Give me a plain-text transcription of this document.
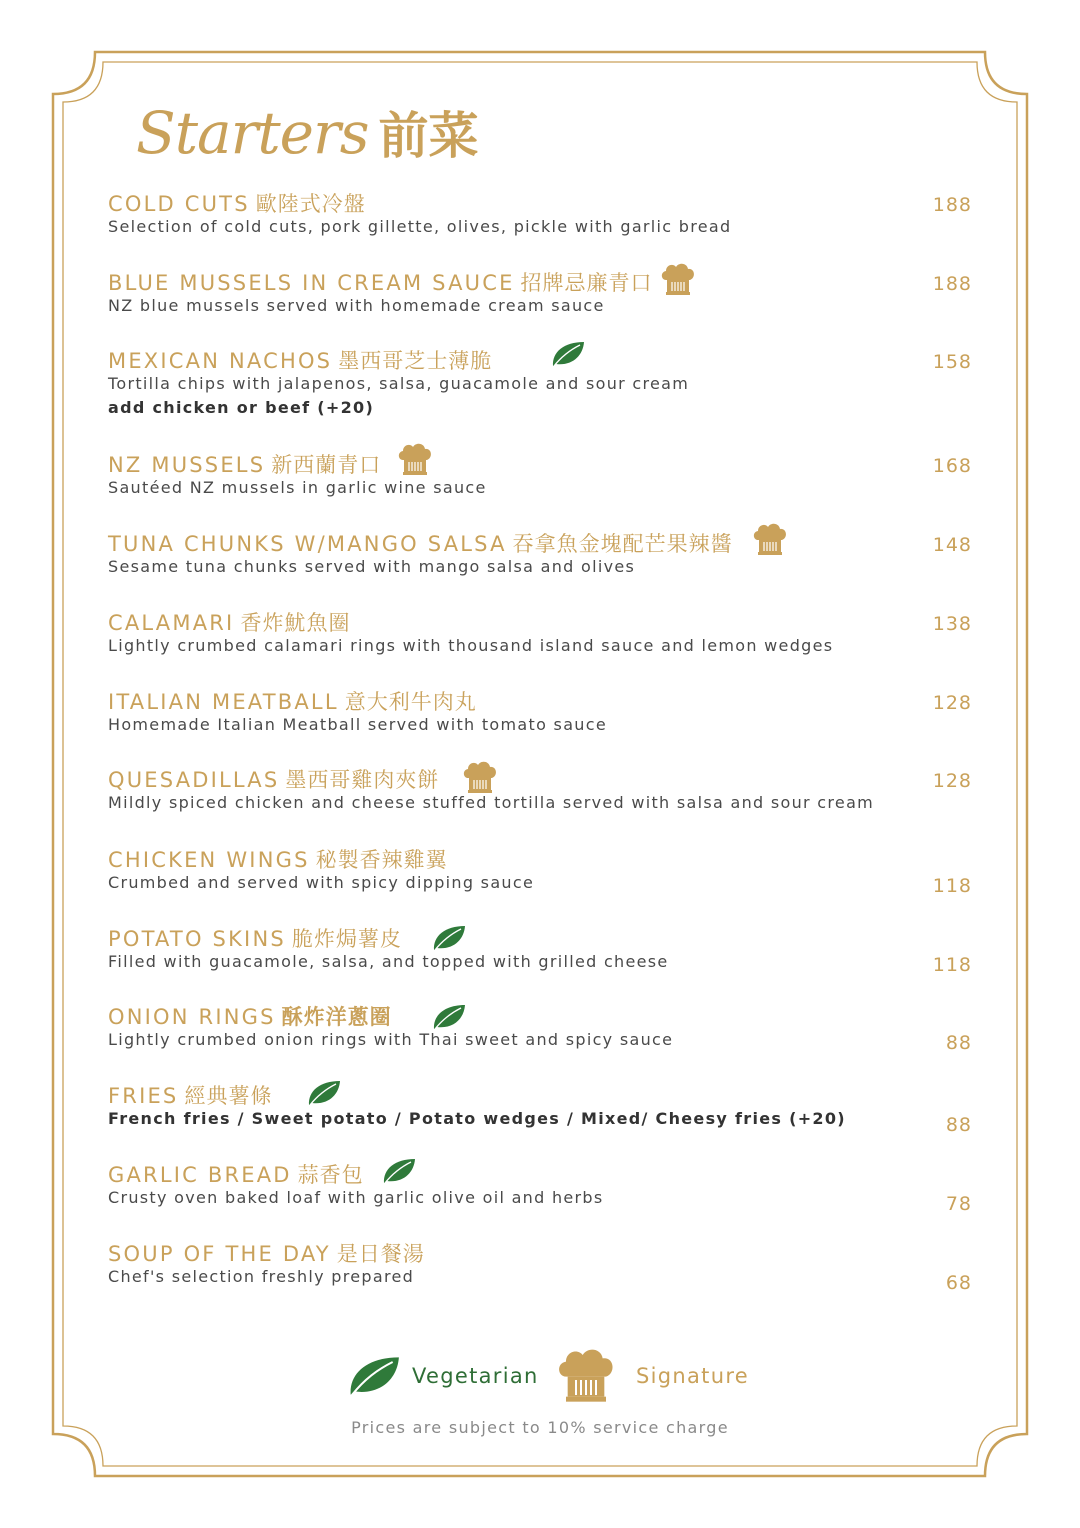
Starters 前菜
COLD CUTS 歐陸式冷盤
Selection of cold cuts, pork gillette, olives, pickle with garlic bread
188
BLUE MUSSELS IN CREAM SAUCE 招牌忌廉青口
NZ blue mussels served with homemade cream sauce
188
MEXICAN NACHOS 墨西哥芝士薄脆
Tortilla chips with jalapenos, salsa, guacamole and sour cream
add chicken or beef (+20)
158
NZ MUSSELS 新西蘭青口
Sautéed NZ mussels in garlic wine sauce
168
TUNA CHUNKS W/MANGO SALSA 吞拿魚金塊配芒果辣醬
Sesame tuna chunks served with mango salsa and olives
148
CALAMARI 香炸魷魚圈
Lightly crumbed calamari rings with thousand island sauce and lemon wedges
138
ITALIAN MEATBALL 意大利牛肉丸
Homemade Italian Meatball served with tomato sauce
128
QUESADILLAS 墨西哥雞肉夾餅
Mildly spiced chicken and cheese stuffed tortilla served with salsa and sour cream
128
CHICKEN WINGS 秘製香辣雞翼
Crumbed and served with spicy dipping sauce	118
POTATO SKINS 脆炸焗薯皮
Filled with guacamole, salsa, and topped with grilled cheese	118
ONION RINGS 酥炸洋蔥圈
Lightly crumbed onion rings with Thai sweet and spicy sauce	88
FRIES 經典薯條
French fries / Sweet potato / Potato wedges / Mixed/ Cheesy fries (+20)	88
GARLIC BREAD 蒜香包
Crusty oven baked loaf with garlic olive oil and herbs	78
SOUP OF THE DAY 是日餐湯
Chef's selection freshly prepared	68
Vegetarian	Signature
Prices are subject to 10% service charge
